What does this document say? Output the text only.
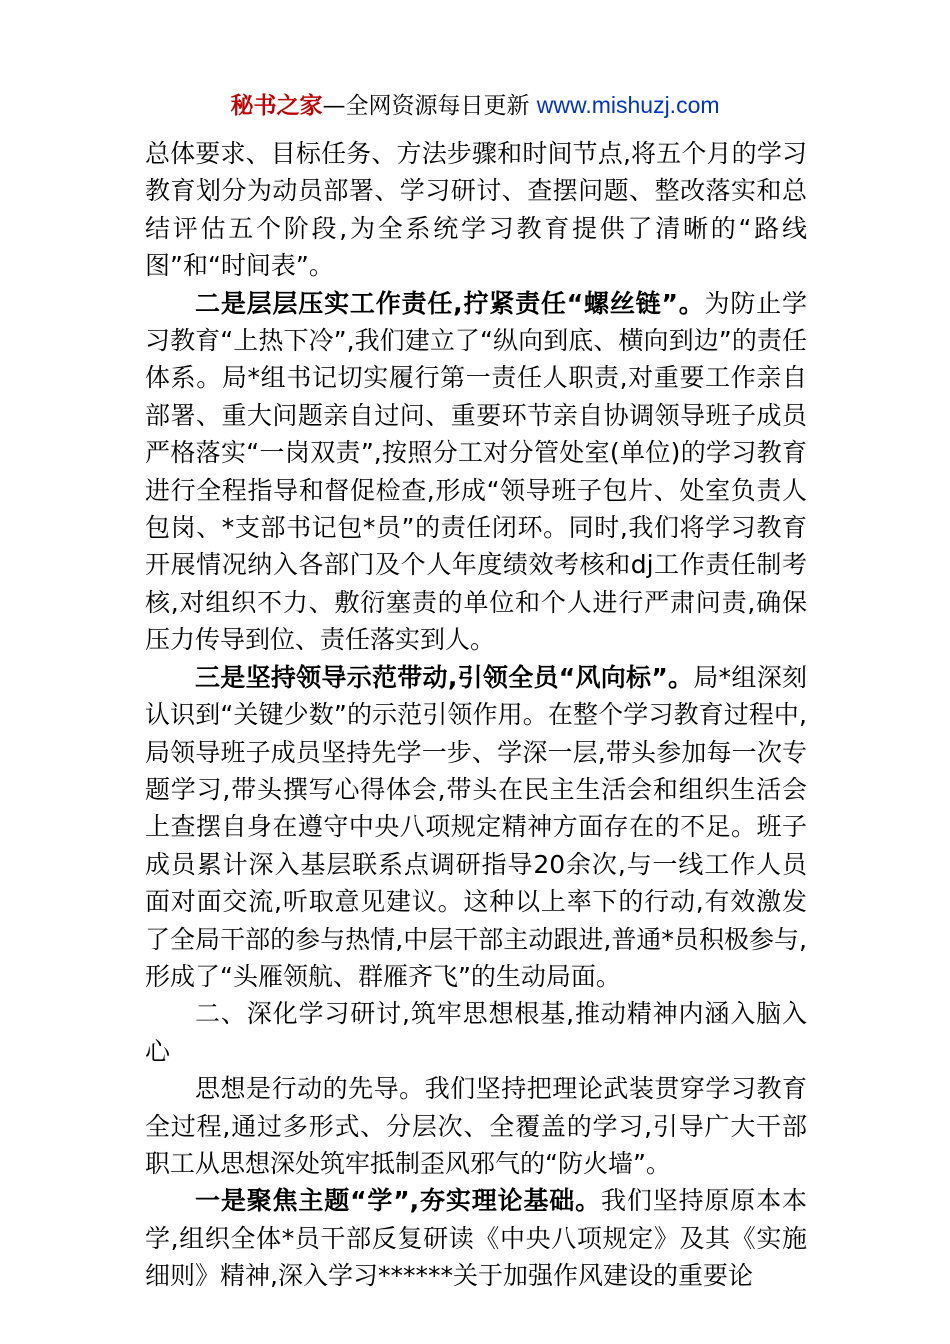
秘书之家—全网资源每日更新 www.mishuzj.com

总体要求、目标任务、方法步骤和时间节点,将五个月的学习教育划分为动员部署、学习研讨、查摆问题、整改落实和总结评估五个阶段,为全系统学习教育提供了清晰的“路线图”和“时间表”。

二是层层压实工作责任,拧紧责任“螺丝链”。为防止学习教育“上热下冷”,我们建立了“纵向到底、横向到边”的责任体系。局*组书记切实履行第一责任人职责,对重要工作亲自部署、重大问题亲自过问、重要环节亲自协调领导班子成员严格落实“一岗双责”,按照分工对分管处室(单位)的学习教育进行全程指导和督促检查,形成“领导班子包片、处室负责人包岗、*支部书记包*员”的责任闭环。同时,我们将学习教育开展情况纳入各部门及个人年度绩效考核和dj工作责任制考核,对组织不力、敷衍塞责的单位和个人进行严肃问责,确保压力传导到位、责任落实到人。

三是坚持领导示范带动,引领全员“风向标”。局*组深刻认识到“关键少数”的示范引领作用。在整个学习教育过程中,局领导班子成员坚持先学一步、学深一层,带头参加每一次专题学习,带头撰写心得体会,带头在民主生活会和组织生活会上查摆自身在遵守中央八项规定精神方面存在的不足。班子成员累计深入基层联系点调研指导20余次,与一线工作人员面对面交流,听取意见建议。这种以上率下的行动,有效激发了全局干部的参与热情,中层干部主动跟进,普通*员积极参与,形成了“头雁领航、群雁齐飞”的生动局面。

二、深化学习研讨,筑牢思想根基,推动精神内涵入脑入心

思想是行动的先导。我们坚持把理论武装贯穿学习教育全过程,通过多形式、分层次、全覆盖的学习,引导广大干部职工从思想深处筑牢抵制歪风邪气的“防火墙”。

一是聚焦主题“学”,夯实理论基础。我们坚持原原本本学,组织全体*员干部反复研读《中央八项规定》及其《实施细则》精神,深入学习******关于加强作风建设的重要论
